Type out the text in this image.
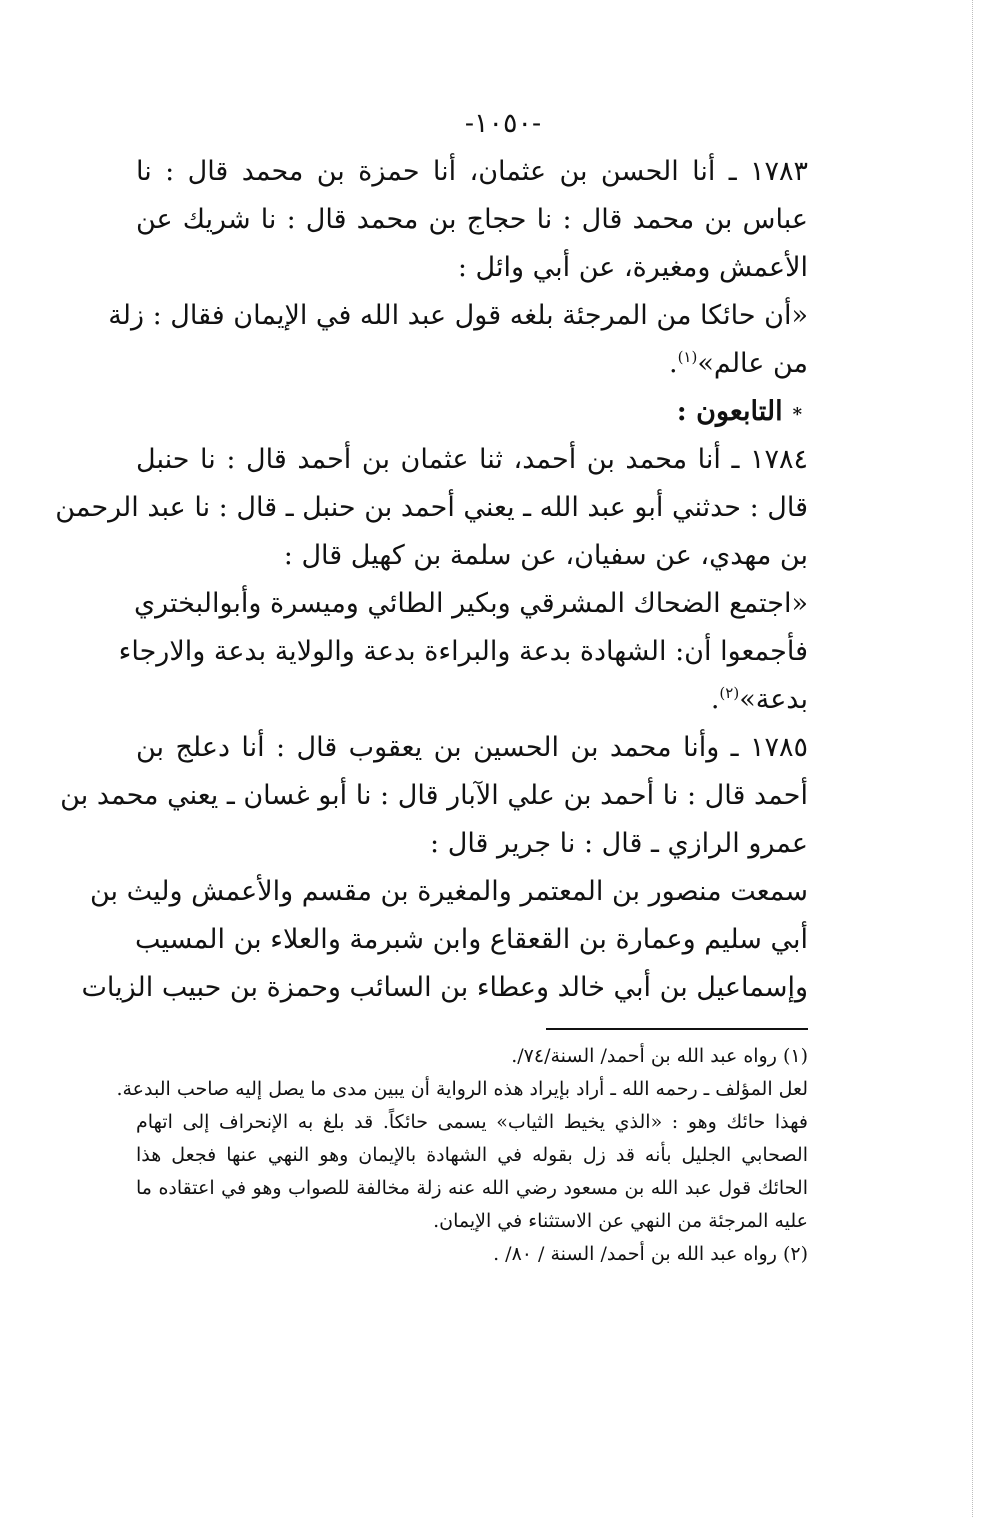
-١٠٥٠-
١٧٨٣ ـ أنا الحسن بن عثمان، أنا حمزة بن محمد قال : نا
عباس بن محمد قال : نا حجاج بن محمد قال : نا شريك عن
الأعمش ومغيرة، عن أبي وائل :
«أن حائكا من المرجئة بلغه قول عبد الله في الإيمان فقال : زلة
من عالم»$^{(١)}$.
*التابعون :
١٧٨٤ ـ أنا محمد بن أحمد، ثنا عثمان بن أحمد قال : نا حنبل
قال : حدثني أبو عبد الله ـ يعني أحمد بن حنبل ـ قال : نا عبد الرحمن
بن مهدي، عن سفيان، عن سلمة بن كهيل قال :
«اجتمع الضحاك المشرقي وبكير الطائي وميسرة وأبوالبختري
فأجمعوا أن: الشهادة بدعة والبراءة بدعة والولاية بدعة والارجاء
بدعة»$^{(٢)}$.
١٧٨٥ ـ وأنا محمد بن الحسين بن يعقوب قال : أنا دعلج بن
أحمد قال : نا أحمد بن علي الآبار قال : نا أبو غسان ـ يعني محمد بن
عمرو الرازي ـ قال : نا جرير قال :
سمعت منصور بن المعتمر والمغيرة بن مقسم والأعمش وليث بن
أبي سليم وعمارة بن القعقاع وابن شبرمة والعلاء بن المسيب
وإسماعيل بن أبي خالد وعطاء بن السائب وحمزة بن حبيب الزيات
(١) رواه عبد الله بن أحمد/ السنة/٧٤/.
لعل المؤلف ـ رحمه الله ـ أراد بإيراد هذه الرواية أن يبين مدى ما يصل إليه صاحب البدعة.
فهذا حائك وهو : «الذي يخيط الثياب» يسمى حائكاً. قد بلغ به الإنحراف إلى اتهام
الصحابي الجليل بأنه قد زل بقوله في الشهادة بالإيمان وهو النهي عنها فجعل هذا
الحائك قول عبد الله بن مسعود رضي الله عنه زلة مخالفة للصواب وهو في اعتقاده ما
عليه المرجئة من النهي عن الاستثناء في الإيمان.
(٢) رواه عبد الله بن أحمد/ السنة / ٨٠/ .
